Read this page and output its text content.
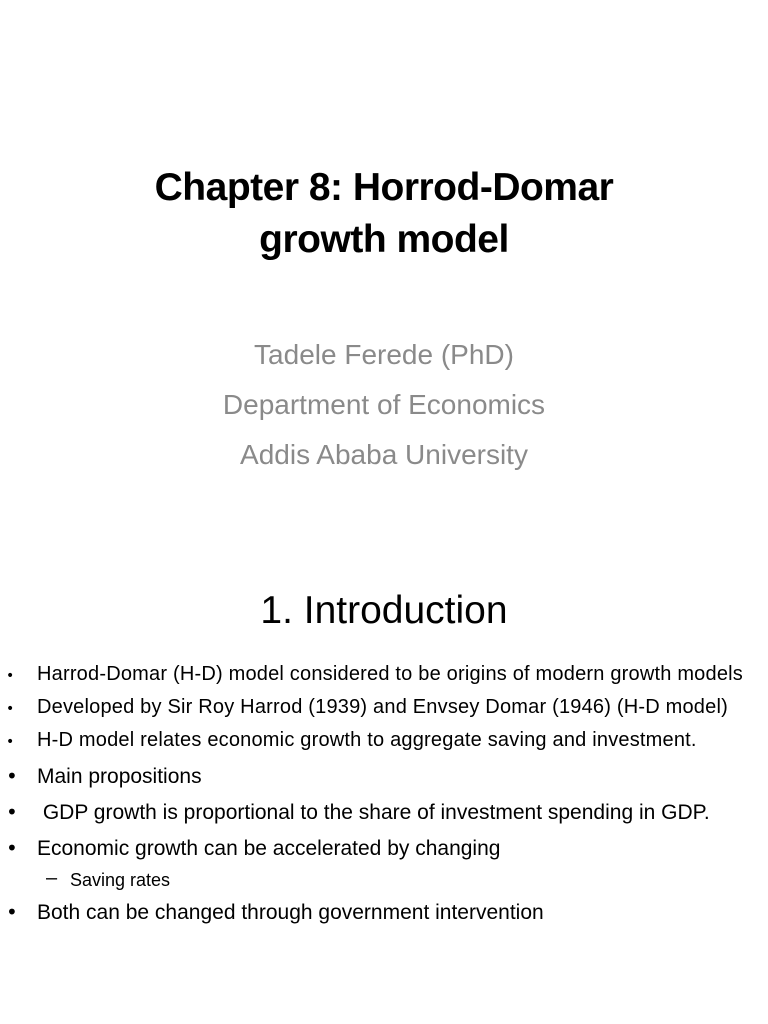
Chapter 8: Horrod-Domar
growth model
Tadele Ferede (PhD)
Department of Economics
Addis Ababa University
1. Introduction
• Harrod-Domar (H-D) model considered to be origins of modern growth models
• Developed by Sir Roy Harrod (1939) and Envsey Domar (1946) (H-D model)
• H-D model relates economic growth to aggregate saving and investment.
• Main propositions
• GDP growth is proportional to the share of investment spending in GDP.
• Economic growth can be accelerated by changing
– Saving rates
• Both can be changed through government intervention
